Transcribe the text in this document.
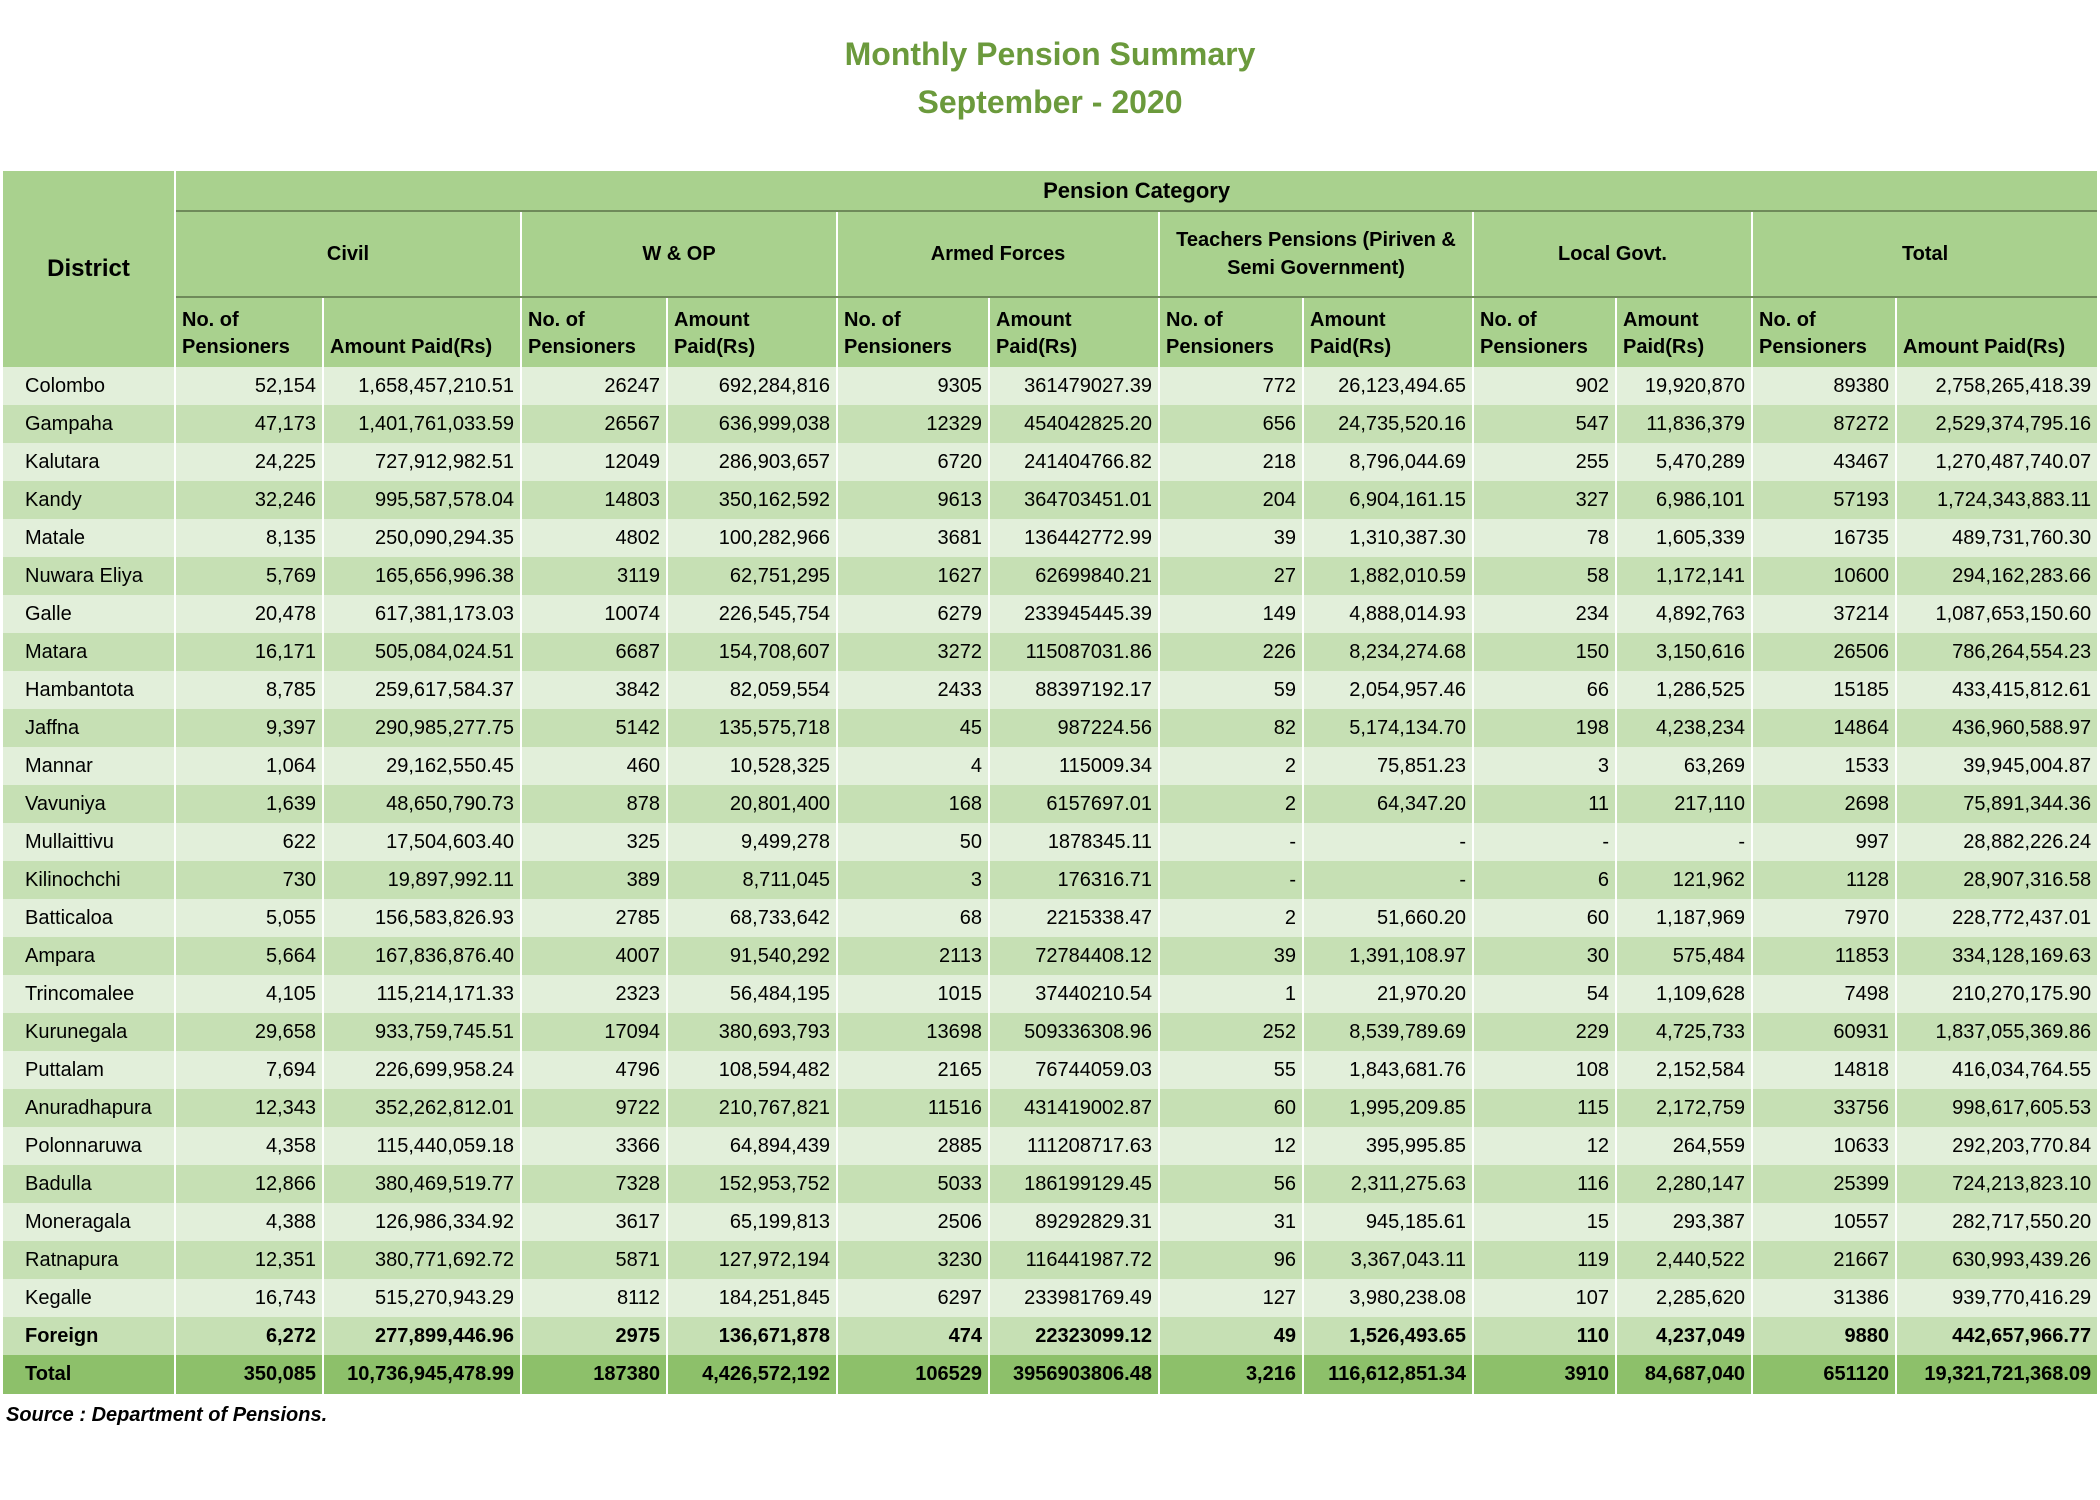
Monthly Pension Summary
September - 2020
District	Pension Category											
	Civil		W & OP		Armed Forces		Teachers Pensions (Piriven & Semi Government)		Local Govt.		Total	
	No. of Pensioners	Amount Paid(Rs)	No. of Pensioners	Amount Paid(Rs)	No. of Pensioners	Amount Paid(Rs)	No. of Pensioners	Amount Paid(Rs)	No. of Pensioners	Amount Paid(Rs)	No. of Pensioners	Amount Paid(Rs)
Colombo	52,154	1,658,457,210.51	26247	692,284,816	9305	361479027.39	772	26,123,494.65	902	19,920,870	89380	2,758,265,418.39
Gampaha	47,173	1,401,761,033.59	26567	636,999,038	12329	454042825.20	656	24,735,520.16	547	11,836,379	87272	2,529,374,795.16
Kalutara	24,225	727,912,982.51	12049	286,903,657	6720	241404766.82	218	8,796,044.69	255	5,470,289	43467	1,270,487,740.07
Kandy	32,246	995,587,578.04	14803	350,162,592	9613	364703451.01	204	6,904,161.15	327	6,986,101	57193	1,724,343,883.11
Matale	8,135	250,090,294.35	4802	100,282,966	3681	136442772.99	39	1,310,387.30	78	1,605,339	16735	489,731,760.30
Nuwara Eliya	5,769	165,656,996.38	3119	62,751,295	1627	62699840.21	27	1,882,010.59	58	1,172,141	10600	294,162,283.66
Galle	20,478	617,381,173.03	10074	226,545,754	6279	233945445.39	149	4,888,014.93	234	4,892,763	37214	1,087,653,150.60
Matara	16,171	505,084,024.51	6687	154,708,607	3272	115087031.86	226	8,234,274.68	150	3,150,616	26506	786,264,554.23
Hambantota	8,785	259,617,584.37	3842	82,059,554	2433	88397192.17	59	2,054,957.46	66	1,286,525	15185	433,415,812.61
Jaffna	9,397	290,985,277.75	5142	135,575,718	45	987224.56	82	5,174,134.70	198	4,238,234	14864	436,960,588.97
Mannar	1,064	29,162,550.45	460	10,528,325	4	115009.34	2	75,851.23	3	63,269	1533	39,945,004.87
Vavuniya	1,639	48,650,790.73	878	20,801,400	168	6157697.01	2	64,347.20	11	217,110	2698	75,891,344.36
Mullaittivu	622	17,504,603.40	325	9,499,278	50	1878345.11	-	-	-	-	997	28,882,226.24
Kilinochchi	730	19,897,992.11	389	8,711,045	3	176316.71	-	-	6	121,962	1128	28,907,316.58
Batticaloa	5,055	156,583,826.93	2785	68,733,642	68	2215338.47	2	51,660.20	60	1,187,969	7970	228,772,437.01
Ampara	5,664	167,836,876.40	4007	91,540,292	2113	72784408.12	39	1,391,108.97	30	575,484	11853	334,128,169.63
Trincomalee	4,105	115,214,171.33	2323	56,484,195	1015	37440210.54	1	21,970.20	54	1,109,628	7498	210,270,175.90
Kurunegala	29,658	933,759,745.51	17094	380,693,793	13698	509336308.96	252	8,539,789.69	229	4,725,733	60931	1,837,055,369.86
Puttalam	7,694	226,699,958.24	4796	108,594,482	2165	76744059.03	55	1,843,681.76	108	2,152,584	14818	416,034,764.55
Anuradhapura	12,343	352,262,812.01	9722	210,767,821	11516	431419002.87	60	1,995,209.85	115	2,172,759	33756	998,617,605.53
Polonnaruwa	4,358	115,440,059.18	3366	64,894,439	2885	111208717.63	12	395,995.85	12	264,559	10633	292,203,770.84
Badulla	12,866	380,469,519.77	7328	152,953,752	5033	186199129.45	56	2,311,275.63	116	2,280,147	25399	724,213,823.10
Moneragala	4,388	126,986,334.92	3617	65,199,813	2506	89292829.31	31	945,185.61	15	293,387	10557	282,717,550.20
Ratnapura	12,351	380,771,692.72	5871	127,972,194	3230	116441987.72	96	3,367,043.11	119	2,440,522	21667	630,993,439.26
Kegalle	16,743	515,270,943.29	8112	184,251,845	6297	233981769.49	127	3,980,238.08	107	2,285,620	31386	939,770,416.29
Foreign	6,272	277,899,446.96	2975	136,671,878	474	22323099.12	49	1,526,493.65	110	4,237,049	9880	442,657,966.77
Total	350,085	10,736,945,478.99	187380	4,426,572,192	106529	3956903806.48	3,216	116,612,851.34	3910	84,687,040	651120	19,321,721,368.09
Source : Department of Pensions.
